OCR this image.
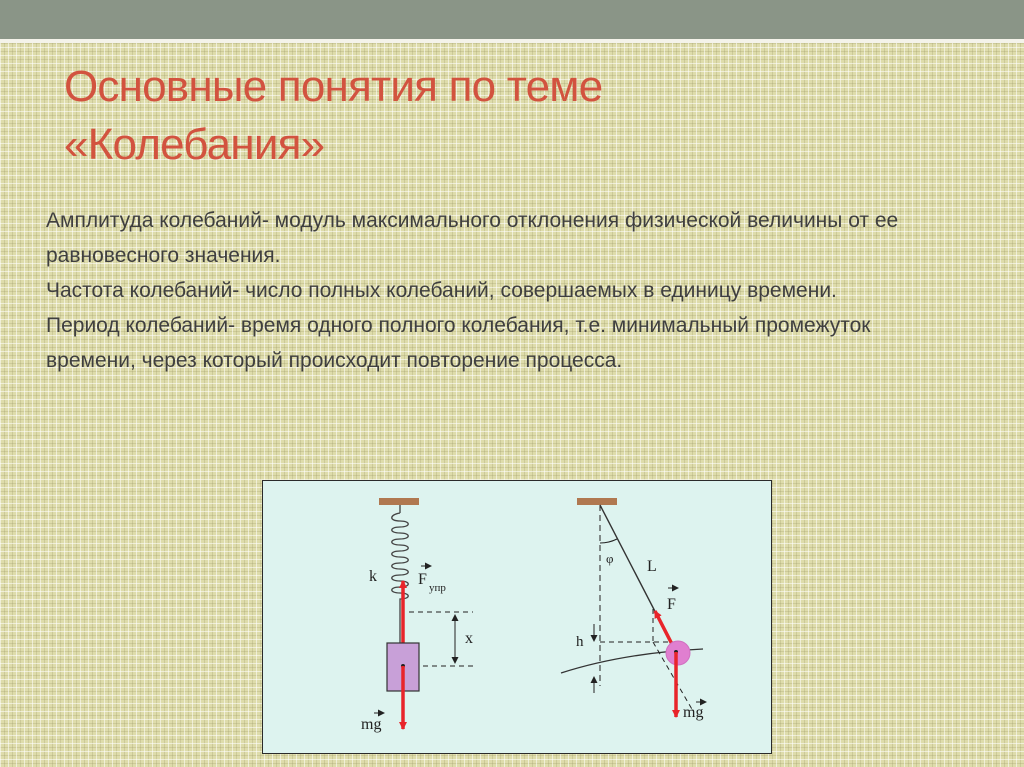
Основные понятия по теме
«Колебания»

Амплитуда колебаний- модуль максимального отклонения физической величины от ее равновесного значения.

Частота колебаний- число полных колебаний, совершаемых в единицу времени.

Период колебаний- время одного полного колебания, т.е. минимальный промежуток времени, через который происходит повторение процесса.

k	F упр
x
mg
φ L
h
F
mg
